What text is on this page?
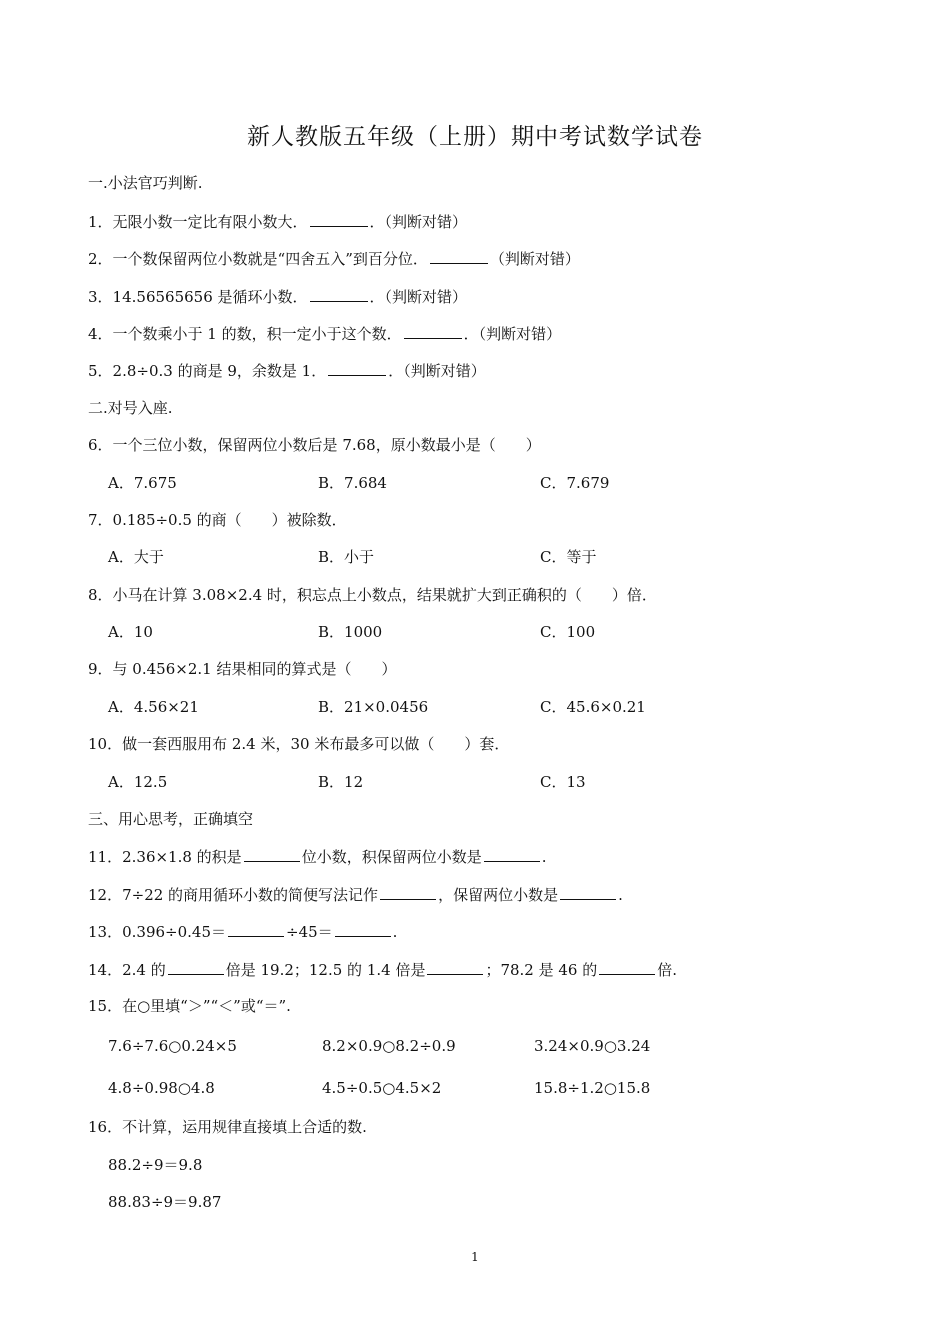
新人教版五年级（上册）期中考试数学试卷
一.小法官巧判断.
1．无限小数一定比有限小数大．	．（判断对错）
2．一个数保留两位小数就是“四舍五入”到百分位．	（判断对错）
3．14.56565656 是循环小数．	．（判断对错）
4．一个数乘小于 1 的数，积一定小于这个数．	．（判断对错）
5．2.8÷0.3 的商是 9，余数是 1．	．（判断对错）
二.对号入座.
6．一个三位小数，保留两位小数后是 7.68，原小数最小是（　　）
A．7.675	B．7.684	C．7.679
7．0.185÷0.5 的商（　　）被除数．
A．大于	B．小于	C．等于
8．小马在计算 3.08×2.4 时，积忘点上小数点，结果就扩大到正确积的（　　）倍．
A．10	B．1000	C．100
9．与 0.456×2.1 结果相同的算式是（　　）
A．4.56×21	B．21×0.0456	C．45.6×0.21
10．做一套西服用布 2.4 米，30 米布最多可以做（　　）套．
A．12.5	B．12	C．13
三、用心思考，正确填空
11．2.36×1.8 的积是	位小数，积保留两位小数是	.
12．7÷22 的商用循环小数的简便写法记作	，保留两位小数是	.
13．0.396÷0.45＝	÷45＝	.
14．2.4 的	倍是 19.2；12.5 的 1.4 倍是	；78.2 是 46 的	倍.
15．在○里填“＞”“＜”或“＝”.
7.6÷7.6○0.24×5	8.2×0.9○8.2÷0.9	3.24×0.9○3.24
4.8÷0.98○4.8	4.5÷0.5○4.5×2	15.8÷1.2○15.8
16．不计算，运用规律直接填上合适的数.
88.2÷9＝9.8
88.83÷9＝9.87
1
